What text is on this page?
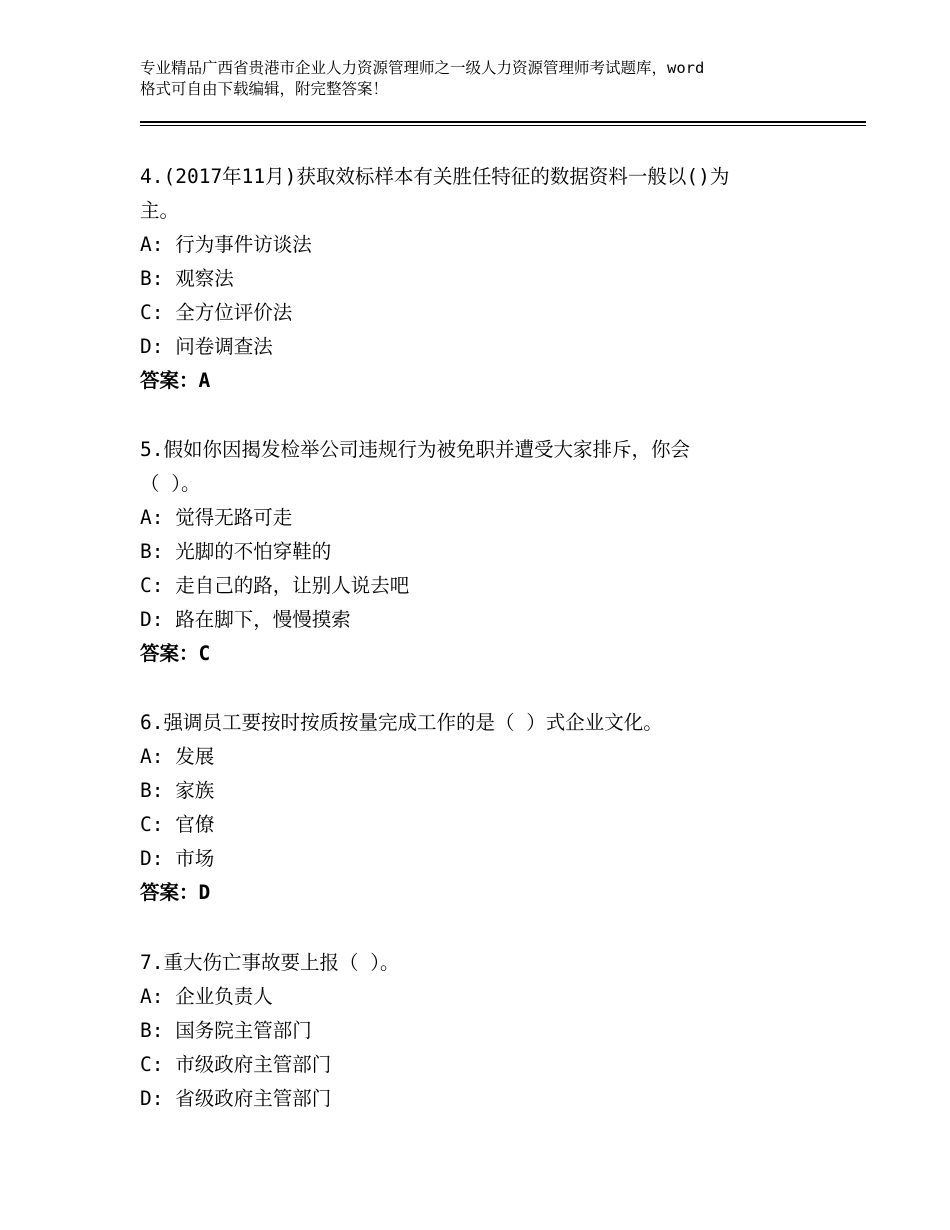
专业精品广西省贵港市企业人力资源管理师之一级人力资源管理师考试题库，word
格式可自由下载编辑，附完整答案！

4.(2017年11月)获取效标样本有关胜任特征的数据资料一般以()为

主。

A: 行为事件访谈法

B: 观察法

C: 全方位评价法

D: 问卷调查法

答案：A

5.假如你因揭发检举公司违规行为被免职并遭受大家排斥，你会

（ ）。

A: 觉得无路可走

B: 光脚的不怕穿鞋的

C: 走自己的路，让别人说去吧

D: 路在脚下，慢慢摸索

答案：C

6.强调员工要按时按质按量完成工作的是（ ）式企业文化。

A: 发展

B: 家族

C: 官僚

D: 市场

答案：D

7.重大伤亡事故要上报（ ）。

A: 企业负责人

B: 国务院主管部门

C: 市级政府主管部门

D: 省级政府主管部门
